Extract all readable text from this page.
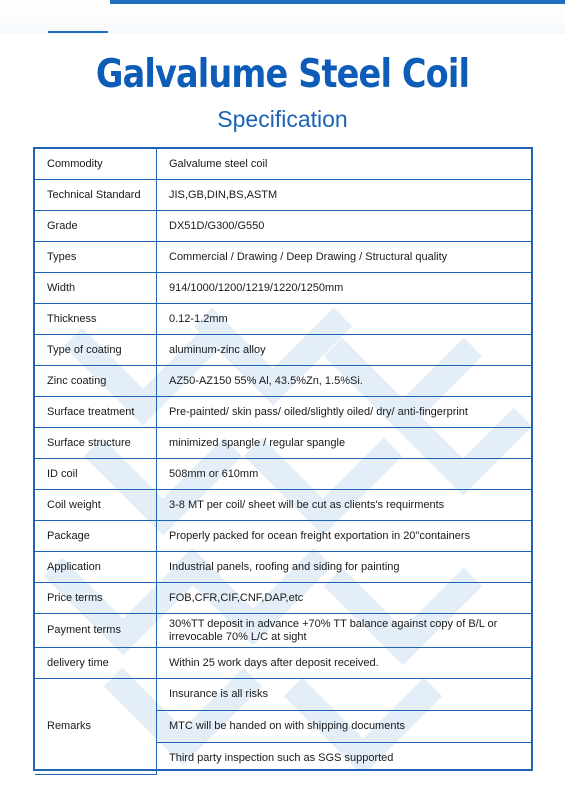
Galvalume Steel Coil
Specification
Commodity	Galvalume steel coil
Technical Standard	JIS,GB,DIN,BS,ASTM
Grade	DX51D/G300/G550
Types	Commercial / Drawing / Deep Drawing / Structural quality
Width	914/1000/1200/1219/1220/1250mm
Thickness	0.12-1.2mm
Type of coating	aluminum-zinc alloy
Zinc coating	AZ50-AZ150 55% Al, 43.5%Zn, 1.5%Si.
Surface treatment	Pre-painted/ skin pass/ oiled/slightly oiled/ dry/ anti-fingerprint
Surface structure	minimized spangle / regular spangle
ID coil	508mm or 610mm
Coil weight	3-8 MT per coil/ sheet will be cut as clients's requirments
Package	Properly packed for ocean freight exportation in 20"containers
Application	Industrial panels, roofing and siding for painting
Price terms	FOB,CFR,CIF,CNF,DAP,etc
Payment terms	30%TT deposit in advance +70% TT balance against copy of B/L or irrevocable 70% L/C at sight
delivery time	Within 25 work days after deposit received.
Remarks	Insurance is all risks
	MTC will be handed on with shipping documents
	Third party inspection such as SGS supported
